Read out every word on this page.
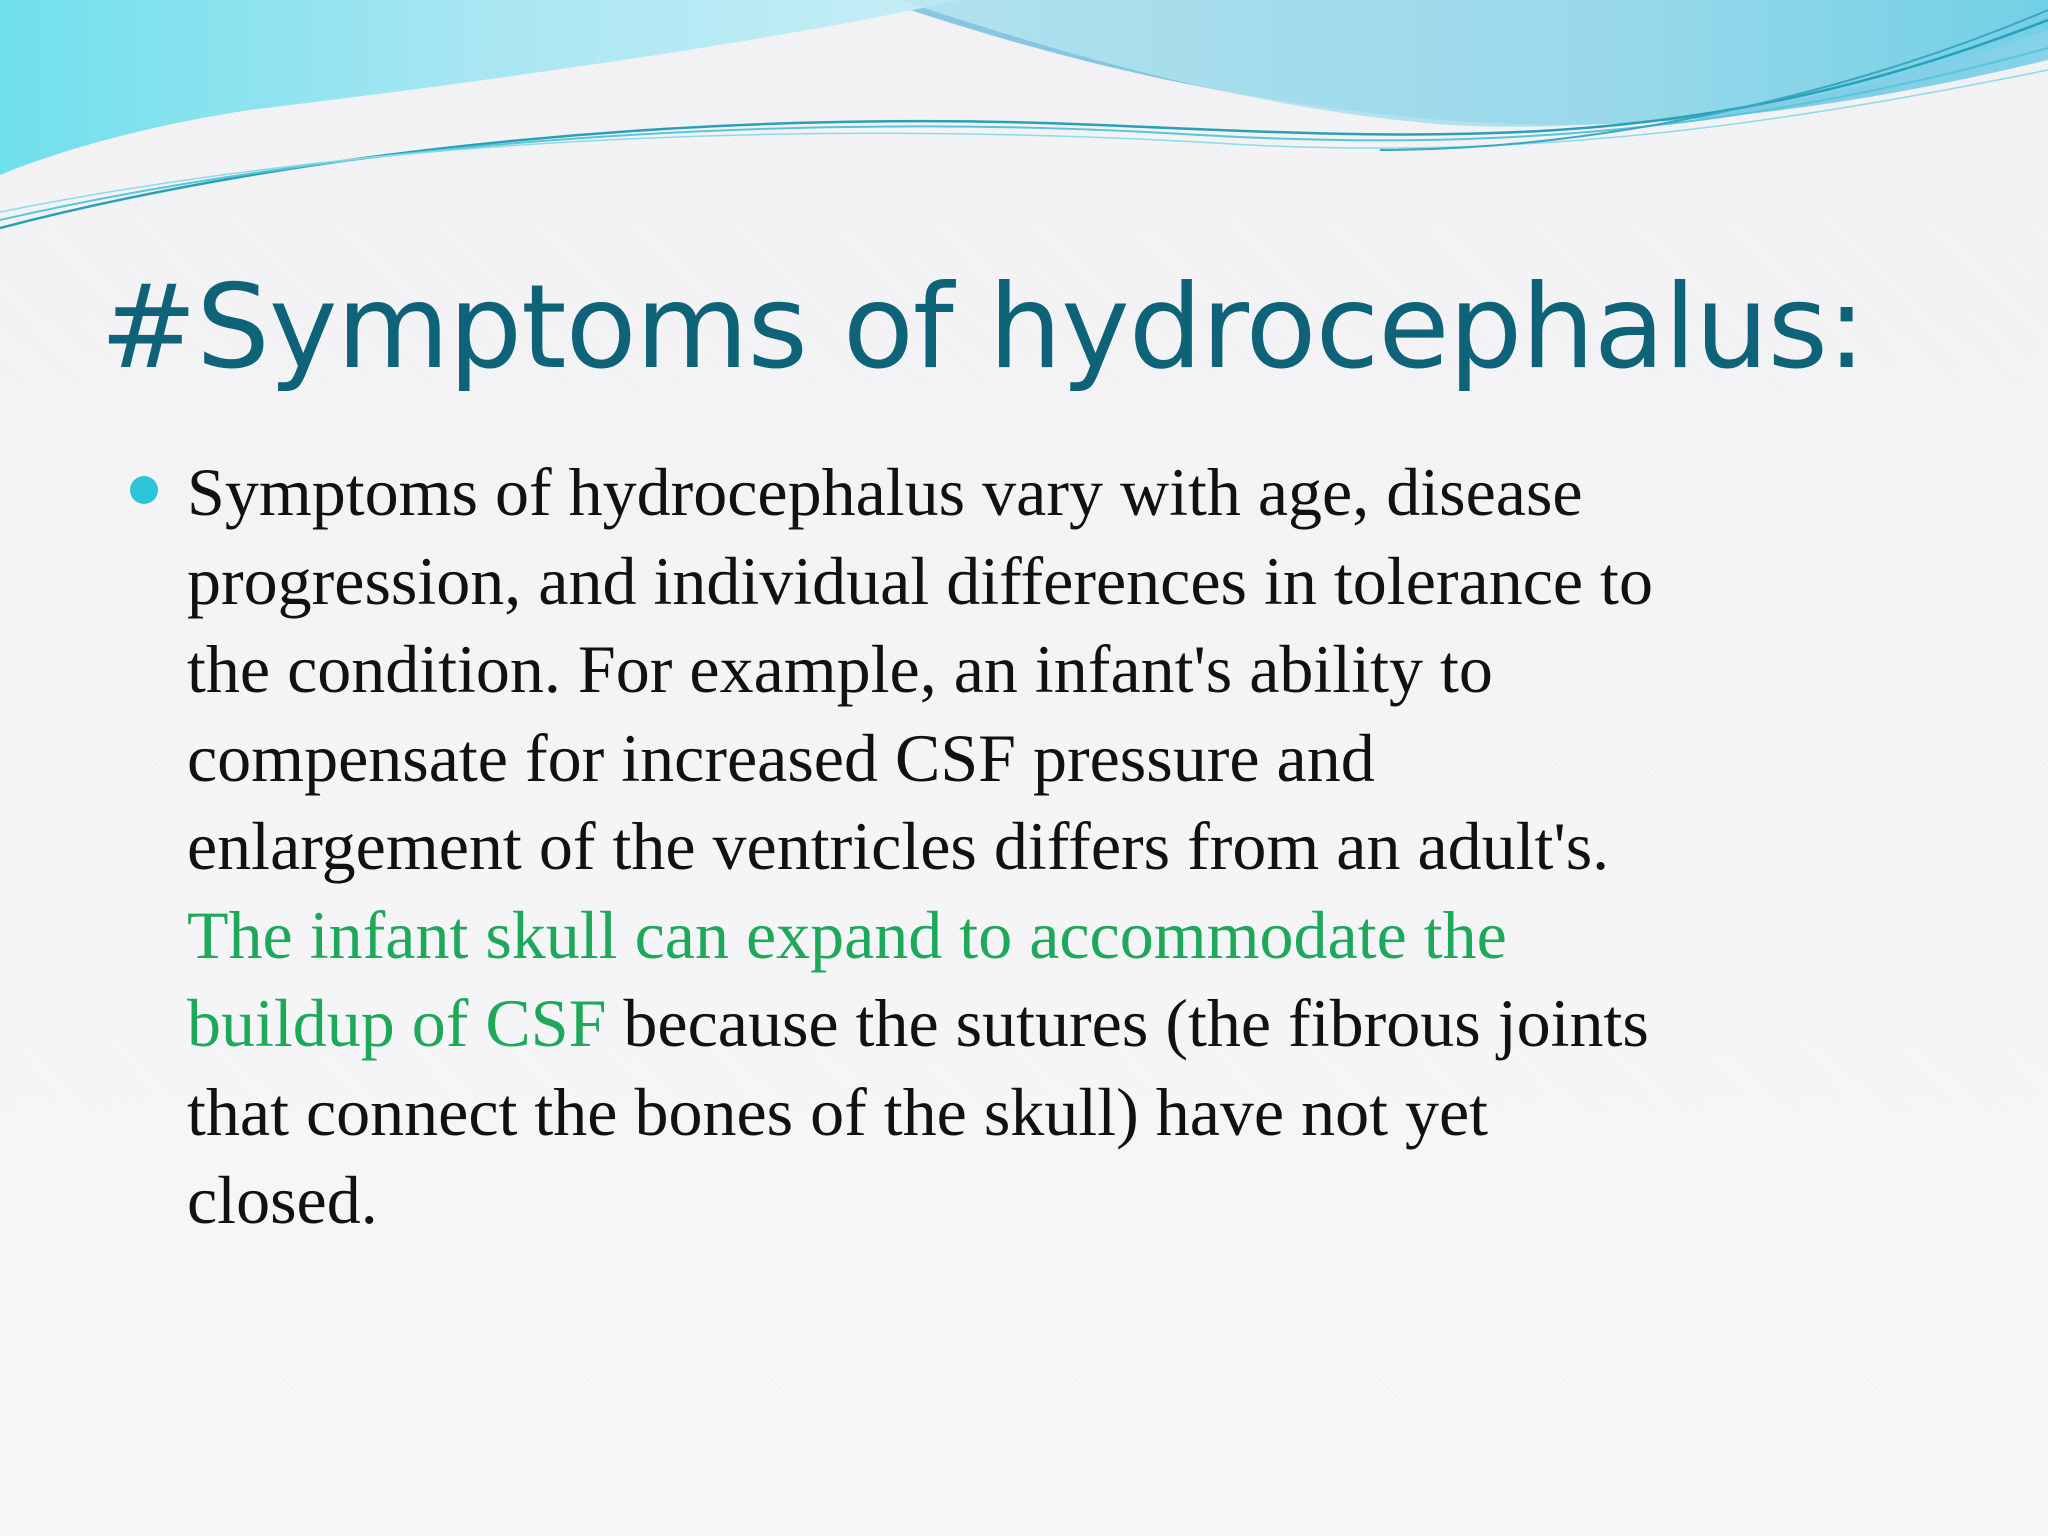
#Symptoms of hydrocephalus:
Symptoms of hydrocephalus vary with age, disease
progression, and individual differences in tolerance to
the condition. For example, an infant's ability to
compensate for increased CSF pressure and
enlargement of the ventricles differs from an adult's.
The infant skull can expand to accommodate the
buildup of CSF because the sutures (the fibrous joints
that connect the bones of the skull) have not yet
closed.
